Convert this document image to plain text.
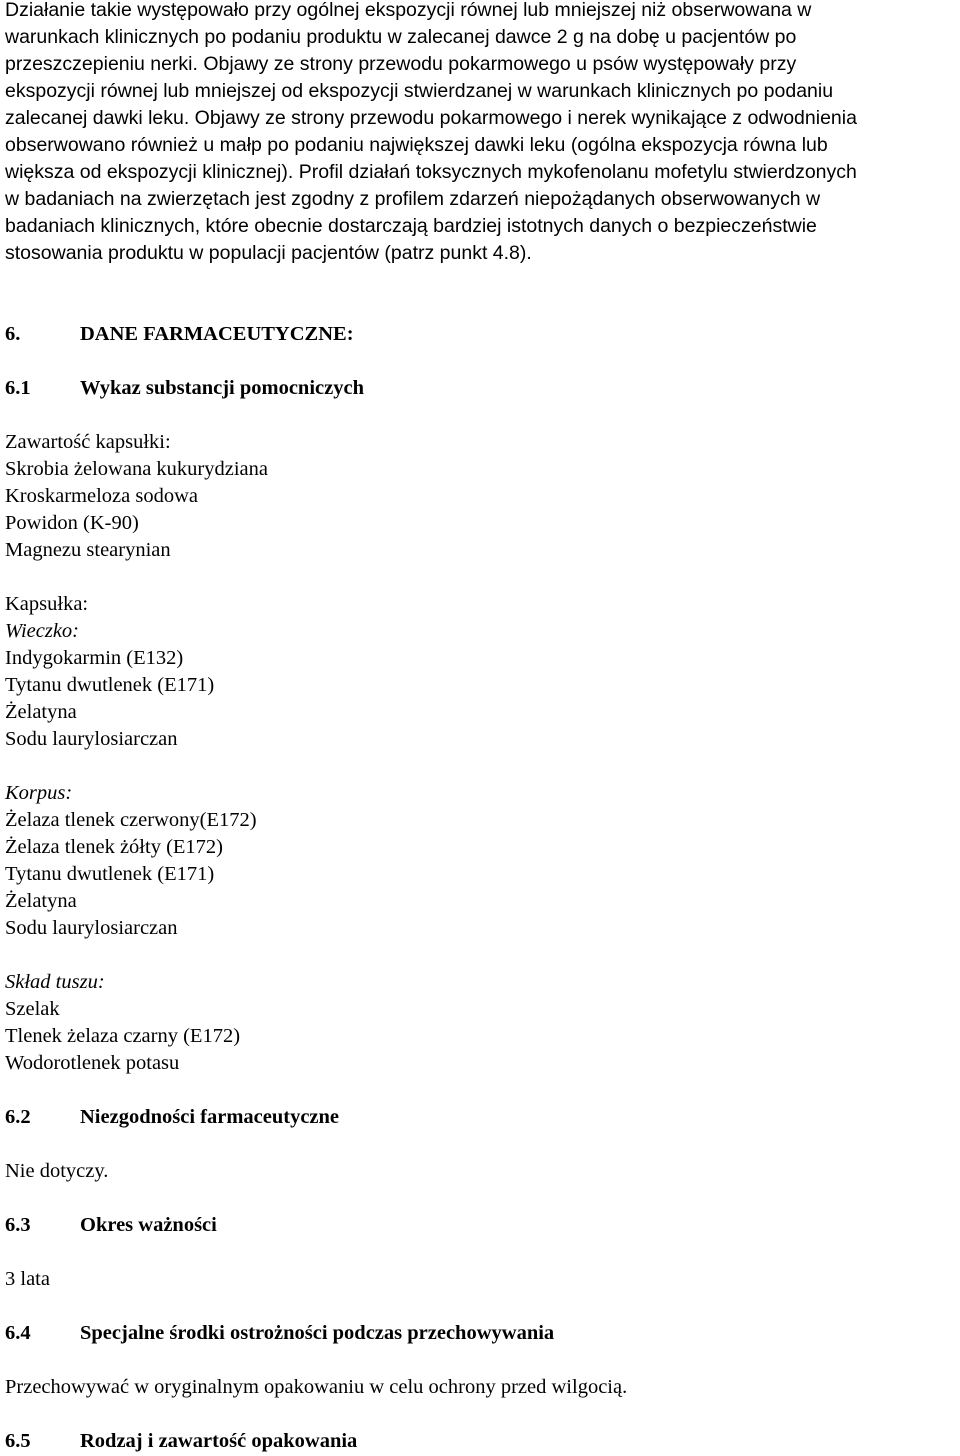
Działanie takie występowało przy ogólnej ekspozycji równej lub mniejszej niż obserwowana w
warunkach klinicznych po podaniu produktu w zalecanej dawce 2 g na dobę u pacjentów po
przeszczepieniu nerki. Objawy ze strony przewodu pokarmowego u psów występowały przy
ekspozycji równej lub mniejszej od ekspozycji stwierdzanej w warunkach klinicznych po podaniu
zalecanej dawki leku. Objawy ze strony przewodu pokarmowego i nerek wynikające z odwodnienia
obserwowano również u małp po podaniu największej dawki leku (ogólna ekspozycja równa lub
większa od ekspozycji klinicznej). Profil działań toksycznych mykofenolanu mofetylu stwierdzonych
w badaniach na zwierzętach jest zgodny z profilem zdarzeń niepożądanych obserwowanych w
badaniach klinicznych, które obecnie dostarczają bardziej istotnych danych o bezpieczeństwie
stosowania produktu w populacji pacjentów (patrz punkt 4.8).
6.	DANE FARMACEUTYCZNE:
6.1	Wykaz substancji pomocniczych
Zawartość kapsułki:
Skrobia żelowana kukurydziana
Kroskarmeloza sodowa
Powidon (K-90)
Magnezu stearynian
Kapsułka:
Wieczko:
Indygokarmin (E132)
Tytanu dwutlenek (E171)
Żelatyna
Sodu laurylosiarczan
Korpus:
Żelaza tlenek czerwony(E172)
Żelaza tlenek żółty (E172)
Tytanu dwutlenek (E171)
Żelatyna
Sodu laurylosiarczan
Skład tuszu:
Szelak
Tlenek żelaza czarny (E172)
Wodorotlenek potasu
6.2	Niezgodności farmaceutyczne
Nie dotyczy.
6.3	Okres ważności
3 lata
6.4	Specjalne środki ostrożności podczas przechowywania
Przechowywać w oryginalnym opakowaniu w celu ochrony przed wilgocią.
6.5	Rodzaj i zawartość opakowania
